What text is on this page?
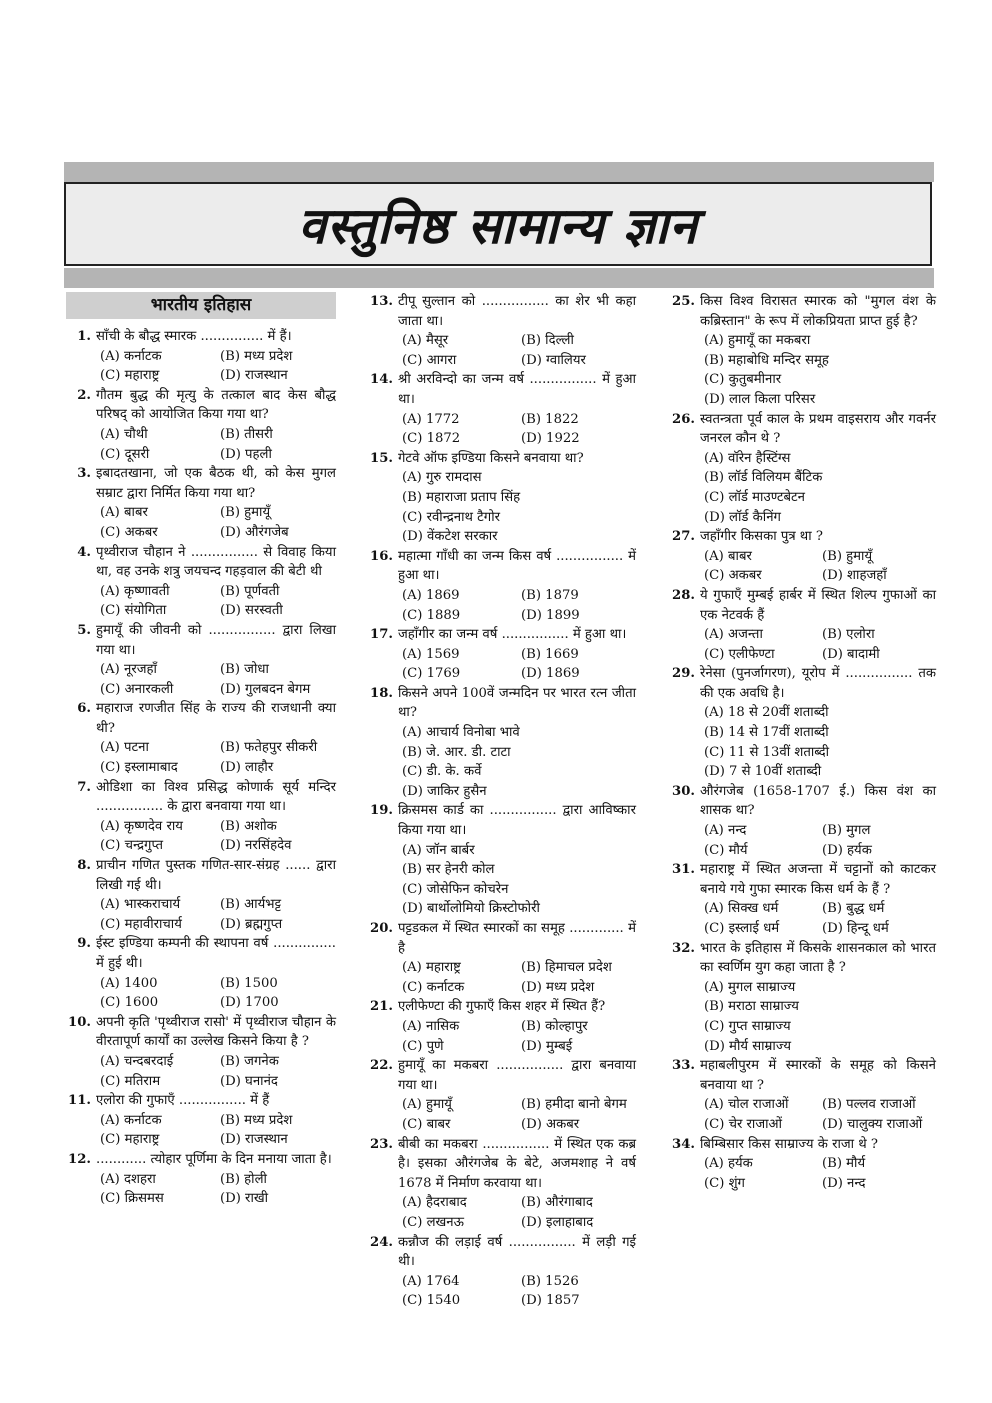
वस्तुनिष्ठ सामान्य ज्ञान
भारतीय इतिहास
1. साँची के बौद्ध स्मारक ............... में हैं।
(A) कर्नाटक	(B) मध्य प्रदेश
(C) महाराष्ट्र	(D) राजस्थान
2. गौतम बुद्ध की मृत्यु के तत्काल बाद केस बौद्ध परिषद् को आयोजित किया गया था?
(A) चौथी	(B) तीसरी
(C) दूसरी	(D) पहली
3. इबादतखाना, जो एक बैठक थी, को केस मुगल सम्राट द्वारा निर्मित किया गया था?
(A) बाबर	(B) हुमायूँ
(C) अकबर	(D) औरंगजेब
4. पृथ्वीराज चौहान ने ................ से विवाह किया था, वह उनके शत्रु जयचन्द गहड़वाल की बेटी थी
(A) कृष्णावती	(B) पूर्णवती
(C) संयोगिता	(D) सरस्वती
5. हुमायूँ की जीवनी को ................ द्वारा लिखा गया था।
(A) नूरजहाँ	(B) जोधा
(C) अनारकली	(D) गुलबदन बेगम
6. महाराज रणजीत सिंह के राज्य की राजधानी क्या थी?
(A) पटना	(B) फतेहपुर सीकरी
(C) इस्लामाबाद	(D) लाहौर
7. ओडिशा का विश्व प्रसिद्ध कोणार्क सूर्य मन्दिर ................ के द्वारा बनवाया गया था।
(A) कृष्णदेव राय	(B) अशोक
(C) चन्द्रगुप्त	(D) नरसिंहदेव
8. प्राचीन गणित पुस्तक गणित-सार-संग्रह ...... द्वारा लिखी गई थी।
(A) भास्कराचार्य	(B) आर्यभट्ट
(C) महावीराचार्य	(D) ब्रह्मगुप्त
9. ईस्ट इण्डिया कम्पनी की स्थापना वर्ष ............... में हुई थी।
(A) 1400	(B) 1500
(C) 1600	(D) 1700
10. अपनी कृति 'पृथ्वीराज रासो' में पृथ्वीराज चौहान के वीरतापूर्ण कार्यों का उल्लेख किसने किया है ?
(A) चन्दबरदाई	(B) जगनेक
(C) मतिराम	(D) घनानंद
11. एलोरा की गुफाएँ ................ में हैं
(A) कर्नाटक	(B) मध्य प्रदेश
(C) महाराष्ट्र	(D) राजस्थान
12. ............ त्योहार पूर्णिमा के दिन मनाया जाता है।
(A) दशहरा	(B) होली
(C) क्रिसमस	(D) राखी
13. टीपू सुल्तान को ................ का शेर भी कहा जाता था।
(A) मैसूर	(B) दिल्ली
(C) आगरा	(D) ग्वालियर
14. श्री अरविन्दो का जन्म वर्ष ................ में हुआ था।
(A) 1772	(B) 1822
(C) 1872	(D) 1922
15. गेटवे ऑफ इण्डिया किसने बनवाया था?
(A) गुरु रामदास
(B) महाराजा प्रताप सिंह
(C) रवीन्द्रनाथ टैगोर
(D) वेंकटेश सरकार
16. महात्मा गाँधी का जन्म किस वर्ष ................ में हुआ था।
(A) 1869	(B) 1879
(C) 1889	(D) 1899
17. जहाँगीर का जन्म वर्ष ................ में हुआ था।
(A) 1569	(B) 1669
(C) 1769	(D) 1869
18. किसने अपने 100वें जन्मदिन पर भारत रत्न जीता था?
(A) आचार्य विनोबा भावे
(B) जे. आर. डी. टाटा
(C) डी. के. कर्वे
(D) जाकिर हुसैन
19. क्रिसमस कार्ड का ................ द्वारा आविष्कार किया गया था।
(A) जॉन बार्बर
(B) सर हेनरी कोल
(C) जोसेफिन कोचरेन
(D) बार्थोलोमियो क्रिस्टोफोरी
20. पट्टडकल में स्थित स्मारकों का समूह ............. में है
(A) महाराष्ट्र	(B) हिमाचल प्रदेश
(C) कर्नाटक	(D) मध्य प्रदेश
21. एलीफेण्टा की गुफाएँ किस शहर में स्थित हैं?
(A) नासिक	(B) कोल्हापुर
(C) पुणे	(D) मुम्बई
22. हुमायूँ का मकबरा ................ द्वारा बनवाया गया था।
(A) हुमायूँ	(B) हमीदा बानो बेगम
(C) बाबर	(D) अकबर
23. बीबी का मकबरा ................ में स्थित एक कब्र है। इसका औरंगजेब के बेटे, अजमशाह ने वर्ष 1678 में निर्माण करवाया था।
(A) हैदराबाद	(B) औरंगाबाद
(C) लखनऊ	(D) इलाहाबाद
24. कन्नौज की लड़ाई वर्ष ................ में लड़ी गई थी।
(A) 1764	(B) 1526
(C) 1540	(D) 1857
25. किस विश्व विरासत स्मारक को "मुगल वंश के कब्रिस्तान" के रूप में लोकप्रियता प्राप्त हुई है?
(A) हुमायूँ का मकबरा
(B) महाबोधि मन्दिर समूह
(C) कुतुबमीनार
(D) लाल किला परिसर
26. स्वतन्त्रता पूर्व काल के प्रथम वाइसराय और गवर्नर जनरल कौन थे ?
(A) वॉरेन हैस्टिंग्स
(B) लॉर्ड विलियम बैंटिक
(C) लॉर्ड माउण्टबेटन
(D) लॉर्ड कैनिंग
27. जहाँगीर किसका पुत्र था ?
(A) बाबर	(B) हुमायूँ
(C) अकबर	(D) शाहजहाँ
28. ये गुफाएँ मुम्बई हार्बर में स्थित शिल्प गुफाओं का एक नेटवर्क हैं
(A) अजन्ता	(B) एलोरा
(C) एलीफेण्टा	(D) बादामी
29. रेनेसा (पुनर्जागरण), यूरोप में ................ तक की एक अवधि है।
(A) 18 से 20वीं शताब्दी
(B) 14 से 17वीं शताब्दी
(C) 11 से 13वीं शताब्दी
(D) 7 से 10वीं शताब्दी
30. औरंगजेब (1658-1707 ई.) किस वंश का शासक था?
(A) नन्द	(B) मुगल
(C) मौर्य	(D) हर्यक
31. महाराष्ट्र में स्थित अजन्ता में चट्टानों को काटकर बनाये गये गुफा स्मारक किस धर्म के हैं ?
(A) सिक्ख धर्म	(B) बुद्ध धर्म
(C) इस्लाई धर्म	(D) हिन्दू धर्म
32. भारत के इतिहास में किसके शासनकाल को भारत का स्वर्णिम युग कहा जाता है ?
(A) मुगल साम्राज्य
(B) मराठा साम्राज्य
(C) गुप्त साम्राज्य
(D) मौर्य साम्राज्य
33. महाबलीपुरम में स्मारकों के समूह को किसने बनवाया था ?
(A) चोल राजाओं	(B) पल्लव राजाओं
(C) चेर राजाओं	(D) चालुक्य राजाओं
34. बिम्बिसार किस साम्राज्य के राजा थे ?
(A) हर्यक	(B) मौर्य
(C) शुंग	(D) नन्द
